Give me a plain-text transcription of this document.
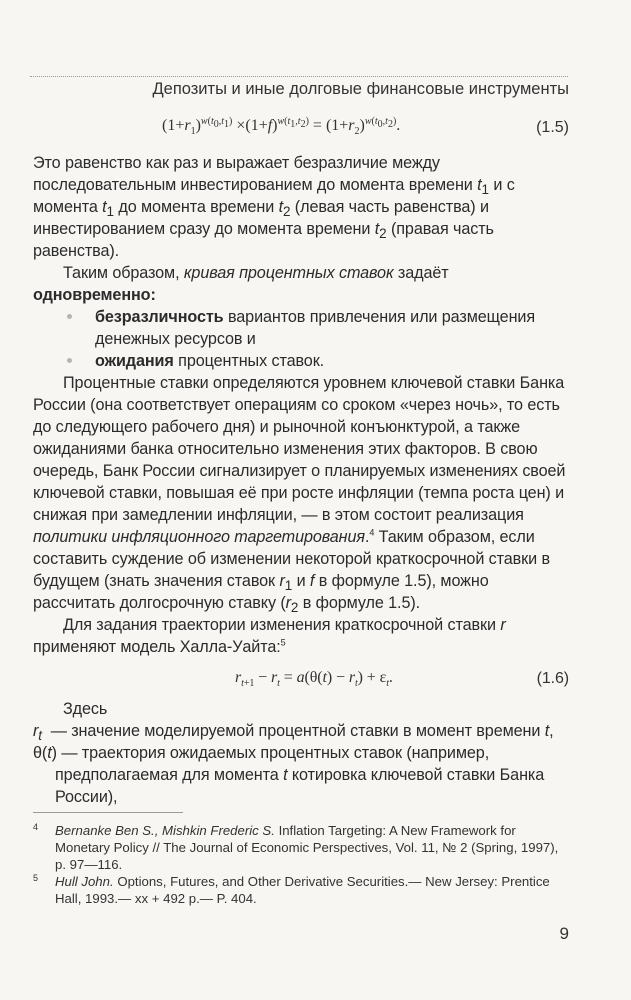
Депозиты и иные долговые финансовые инструменты
$(1+r_1)^{w(t_0,t_1)} \times(1+f)^{w(t_1,t_2)} = (1+r_2)^{w(t_0,t_2)}$.	(1.5)

Это равенство как раз и выражает безразличие между последовательным инвестированием до момента времени $t_1$ и с момента $t_1$ до момента времени $t_2$ (левая часть равенства) и инвестированием сразу до момента времени $t_2$ (правая часть равенства).

Таким образом, кривая процентных ставок задаёт одновременно:

безразличность вариантов привлечения или размещения денежных ресурсов и

ожидания процентных ставок.

Процентные ставки определяются уровнем ключевой ставки Банка России (она соответствует операциям со сроком «через ночь», то есть до следующего рабочего дня) и рыночной конъюнктурой, а также ожиданиями банка относительно изменения этих факторов. В свою очередь, Банк России сигнализирует о планируемых изменениях своей ключевой ставки, повышая её при росте инфляции (темпа роста цен) и снижая при замедлении инфляции, — в этом состоит реализация политики инфляционного таргетирования.$^4$ Таким образом, если составить суждение об изменении некоторой краткосрочной ставки в будущем (знать значения ставок $r_1$ и f в формуле 1.5), можно рассчитать долгосрочную ставку ($r_2$ в формуле 1.5).

Для задания траектории изменения краткосрочной ставки r применяют модель Халла-Уайта:$^5$

$r_{t+1} - r_t = a(\theta(t) - r_t) + \varepsilon_t$.	(1.6)

Здесь

$r_t$ — значение моделируемой процентной ставки в момент времени t,

θ(t) — траектория ожидаемых процентных ставок (например, предполагаемая для момента t котировка ключевой ставки Банка России),

4 Bernanke Ben S., Mishkin Frederic S. Inflation Targeting: A New Framework for Monetary Policy // The Journal of Economic Perspectives, Vol. 11, № 2 (Spring, 1997), p. 97—116.
5 Hull John. Options, Futures, and Other Derivative Securities.— New Jersey: Prentice Hall, 1993.— xx + 492 p.— P. 404.
9
